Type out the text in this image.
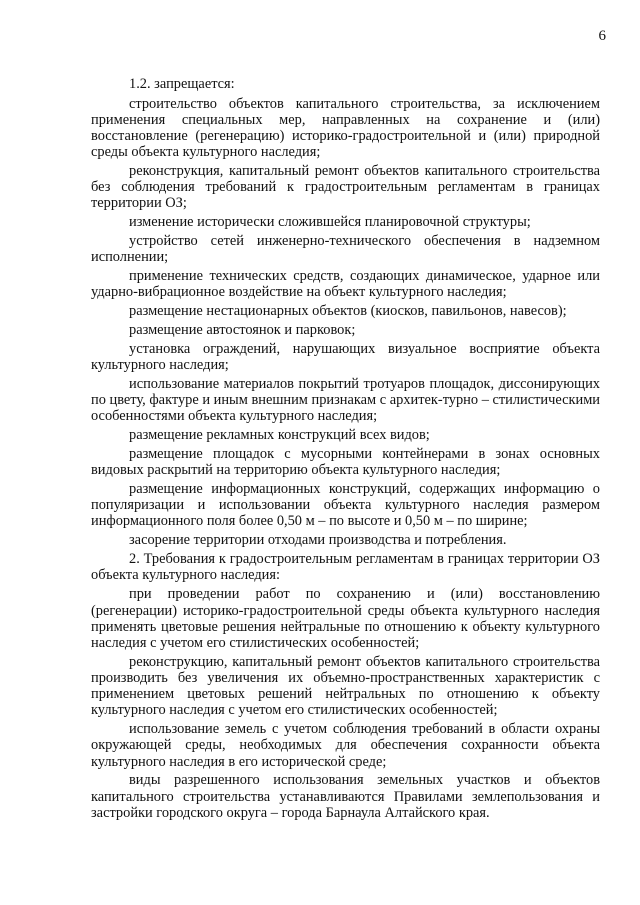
6

1.2. запрещается:

строительство объектов капитального строительства, за исключением применения специальных мер, направленных на сохранение и (или) восстановление (регенерацию) историко-градостроительной и (или) природной среды объекта культурного наследия;

реконструкция, капитальный ремонт объектов капитального строительства без соблюдения требований к градостроительным регламентам в границах территории ОЗ;

изменение исторически сложившейся планировочной структуры;

устройство сетей инженерно-технического обеспечения в надземном исполнении;

применение технических средств, создающих динамическое, ударное или ударно-вибрационное воздействие на объект культурного наследия;

размещение нестационарных объектов (киосков, павильонов, навесов);

размещение автостоянок и парковок;

установка ограждений, нарушающих визуальное восприятие объекта культурного наследия;

использование материалов покрытий тротуаров площадок, диссонирующих по цвету, фактуре и иным внешним признакам с архитек-турно – стилистическими особенностями объекта культурного наследия;

размещение рекламных конструкций всех видов;

размещение площадок с мусорными контейнерами в зонах основных видовых раскрытий на территорию объекта культурного наследия;

размещение информационных конструкций, содержащих информацию о популяризации и использовании объекта культурного наследия размером информационного поля более 0,50 м – по высоте и 0,50 м – по ширине;

засорение территории отходами производства и потребления.

2. Требования к градостроительным регламентам в границах территории ОЗ объекта культурного наследия:

при проведении работ по сохранению и (или) восстановлению (регенерации) историко-градостроительной среды объекта культурного наследия применять цветовые решения нейтральные по отношению к объекту культурного наследия с учетом его стилистических особенностей;

реконструкцию, капитальный ремонт объектов капитального строительства производить без увеличения их объемно-пространственных характеристик с применением цветовых решений нейтральных по отношению к объекту культурного наследия с учетом его стилистических особенностей;

использование земель с учетом соблюдения требований в области охраны окружающей среды, необходимых для обеспечения сохранности объекта культурного наследия в его исторической среде;

виды разрешенного использования земельных участков и объектов капитального строительства устанавливаются Правилами землепользования и застройки городского округа – города Барнаула Алтайского края.
